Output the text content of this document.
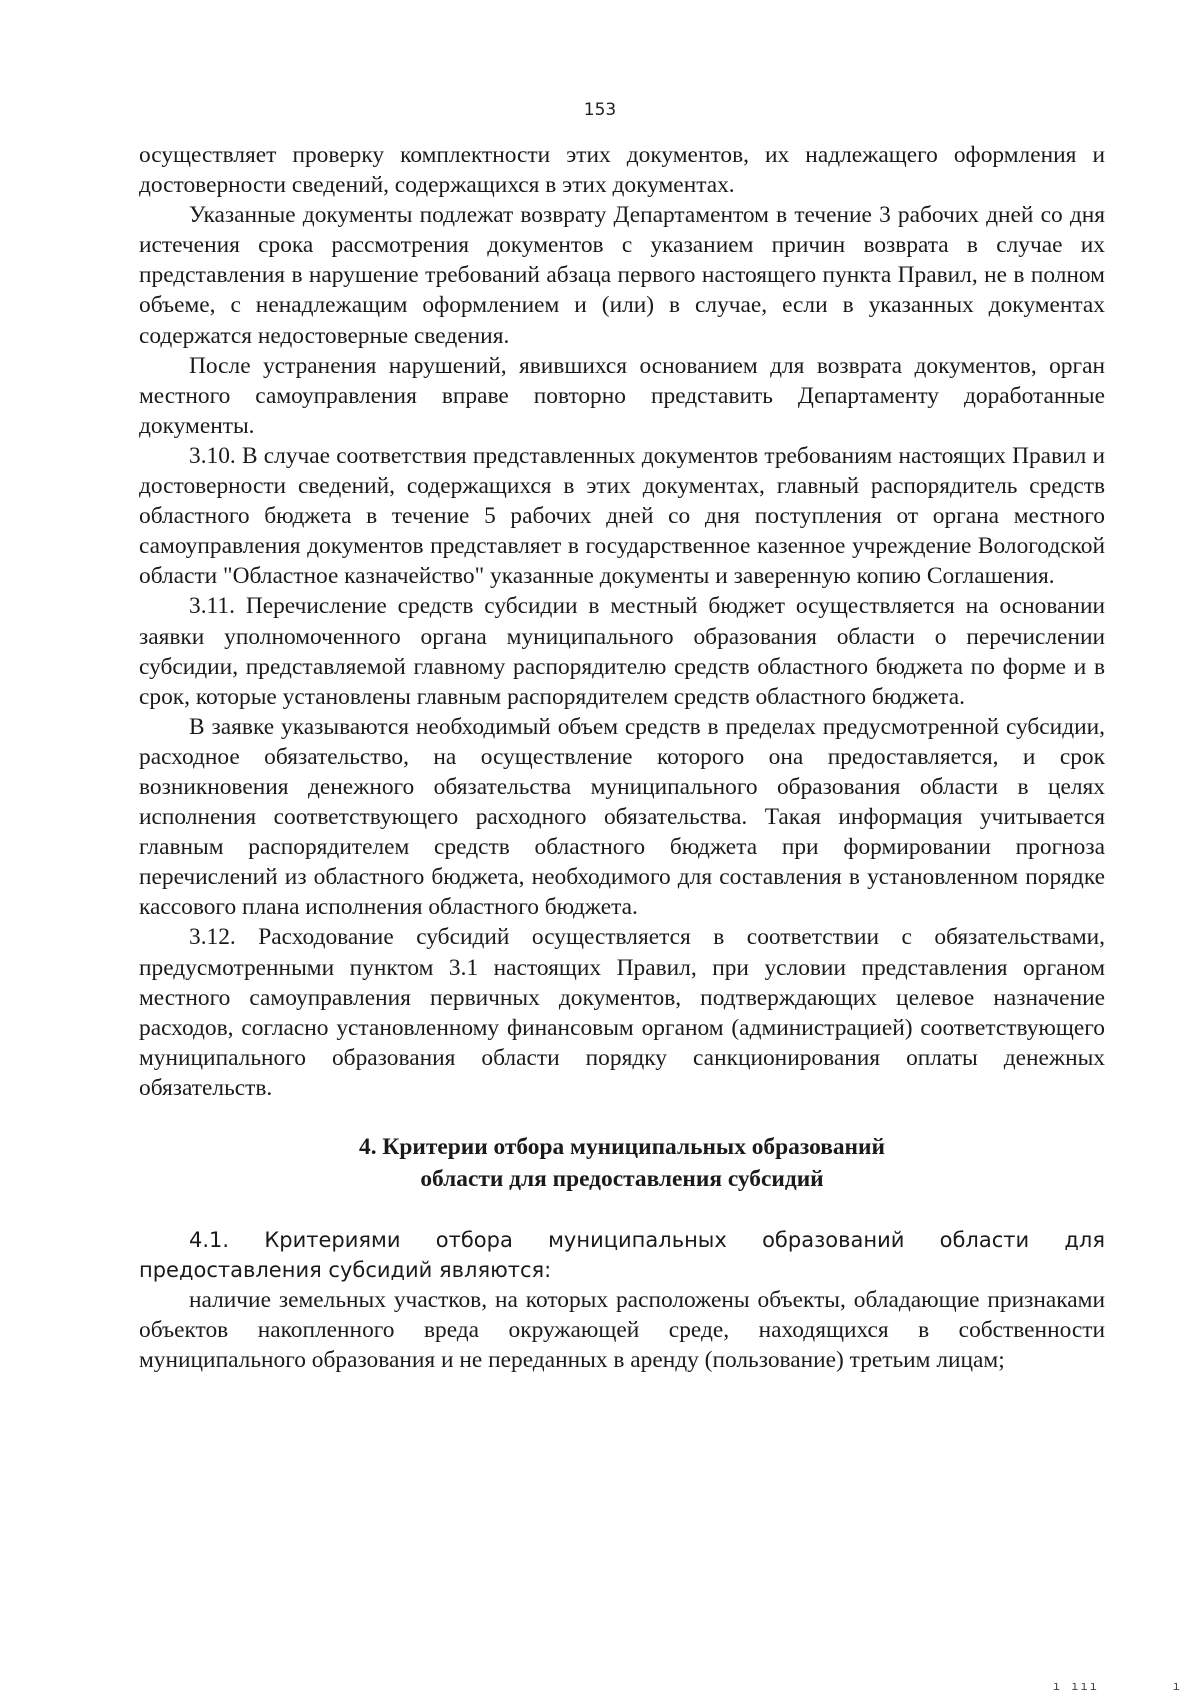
153

осуществляет проверку комплектности этих документов, их надлежащего оформления и достоверности сведений, содержащихся в этих документах.

Указанные документы подлежат возврату Департаментом в течение 3 рабочих дней со дня истечения срока рассмотрения документов с указанием причин возврата в случае их представления в нарушение требований абзаца первого настоящего пункта Правил, не в полном объеме, с ненадлежащим оформлением и (или) в случае, если в указанных документах содержатся недостоверные сведения.

После устранения нарушений, явившихся основанием для возврата документов, орган местного самоуправления вправе повторно представить Департаменту доработанные документы.

3.10. В случае соответствия представленных документов требованиям настоящих Правил и достоверности сведений, содержащихся в этих документах, главный распорядитель средств областного бюджета в течение 5 рабочих дней со дня поступления от органа местного самоуправления документов представляет в государственное казенное учреждение Вологодской области "Областное казначейство" указанные документы и заверенную копию Соглашения.

3.11. Перечисление средств субсидии в местный бюджет осуществляется на основании заявки уполномоченного органа муниципального образования области о перечислении субсидии, представляемой главному распорядителю средств областного бюджета по форме и в срок, которые установлены главным распорядителем средств областного бюджета.

В заявке указываются необходимый объем средств в пределах предусмотренной субсидии, расходное обязательство, на осуществление которого она предоставляется, и срок возникновения денежного обязательства муниципального образования области в целях исполнения соответствующего расходного обязательства. Такая информация учитывается главным распорядителем средств областного бюджета при формировании прогноза перечислений из областного бюджета, необходимого для составления в установленном порядке кассового плана исполнения областного бюджета.

3.12. Расходование субсидий осуществляется в соответствии с обязательствами, предусмотренными пунктом 3.1 настоящих Правил, при условии представления органом местного самоуправления первичных документов, подтверждающих целевое назначение расходов, согласно установленному финансовым органом (администрацией) соответствующего муниципального образования области порядку санкционирования оплаты денежных обязательств.

4. Критерии отбора муниципальных образований
области для предоставления субсидий

4.1. Критериями отбора муниципальных образований области для предоставления субсидий являются:

наличие земельных участков, на которых расположены объекты, обладающие признаками объектов накопленного вреда окружающей среде, находящихся в собственности муниципального образования и не переданных в аренду (пользование) третьим лицам;

ı ııı        ı
